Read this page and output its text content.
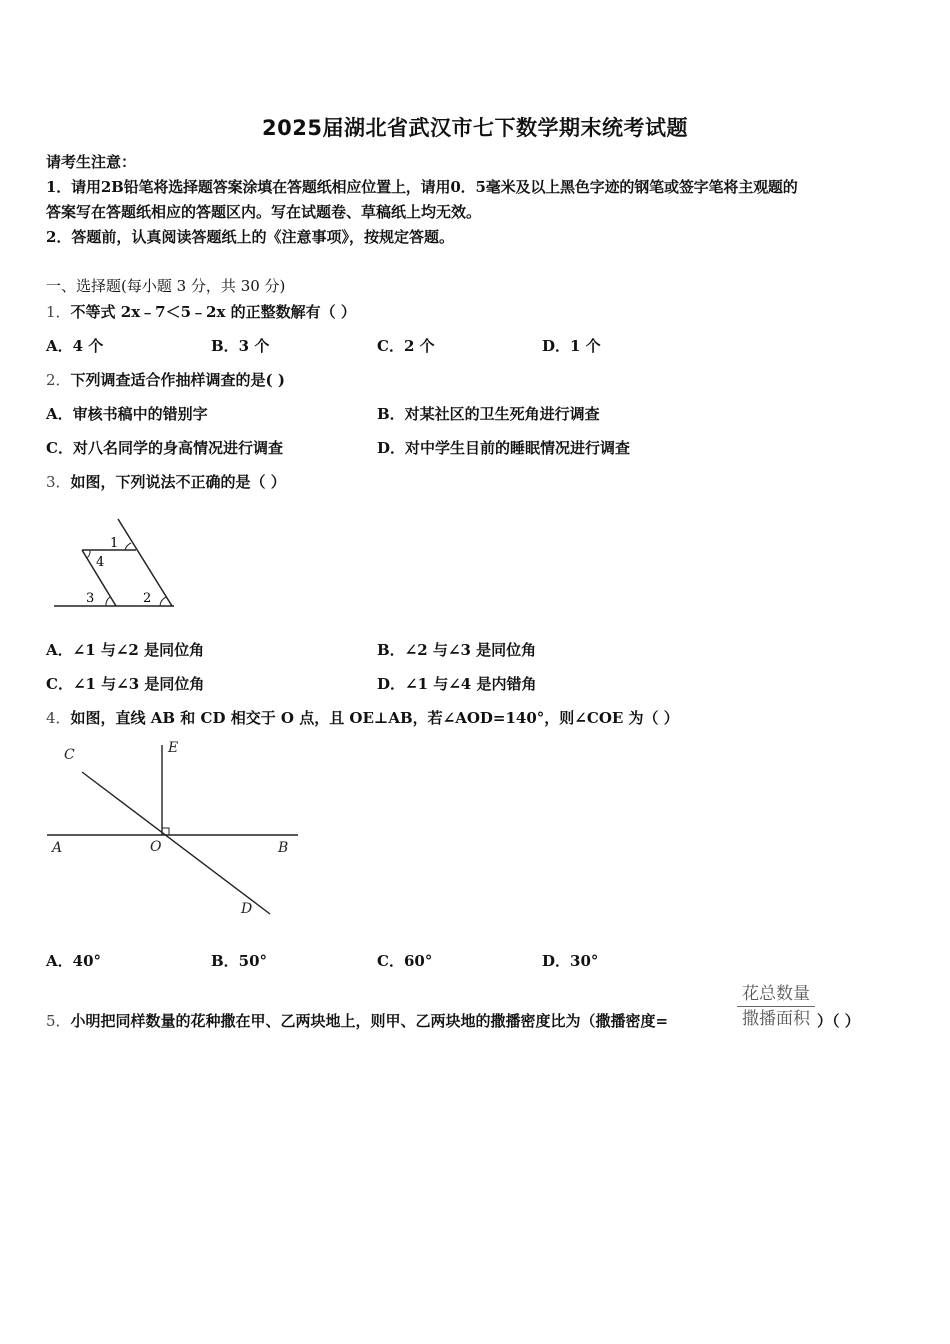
2025届湖北省武汉市七下数学期末统考试题
请考生注意：
1．请用2B铅笔将选择题答案涂填在答题纸相应位置上，请用0．5毫米及以上黑色字迹的钢笔或签字笔将主观题的
答案写在答题纸相应的答题区内。写在试题卷、草稿纸上均无效。
2．答题前，认真阅读答题纸上的《注意事项》，按规定答题。
一、选择题(每小题 3 分，共 30 分)
1．不等式 2x﹣7＜5﹣2x 的正整数解有（ ）
A．4 个	B．3 个	C．2 个	D．1 个
2．下列调查适合作抽样调查的是( )
A．审核书稿中的错别字	B．对某社区的卫生死角进行调查
C．对八名同学的身高情况进行调查	D．对中学生目前的睡眠情况进行调查
3．如图，下列说法不正确的是（ ）
1
4
3	2
A．∠1 与∠2 是同位角	B．∠2 与∠3 是同位角
C．∠1 与∠3 是同位角	D．∠1 与∠4 是内错角
4．如图，直线 AB 和 CD 相交于 O 点，且 OE⊥AB，若∠AOD=140°，则∠COE 为（ ）
C	E
A	O	B
D
A．40°	B．50°	C．60°	D．30°
5．小明把同样数量的花种撒在甲、乙两块地上，则甲、乙两块地的撒播密度比为（撒播密度=
花总数量
撒播面积 ）（ ）
